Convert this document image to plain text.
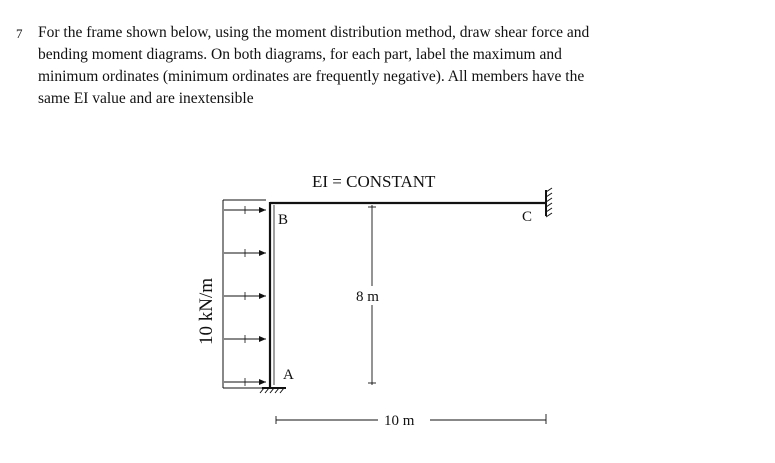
7 For the frame shown below, using the moment distribution method, draw shear force and
bending moment diagrams. On both diagrams, for each part, label the maximum and
minimum ordinates (minimum ordinates are frequently negative). All members have the
same EI value and are inextensible

EI = CONSTANT
B	C
A
10 kN/m	8 m
10 m
